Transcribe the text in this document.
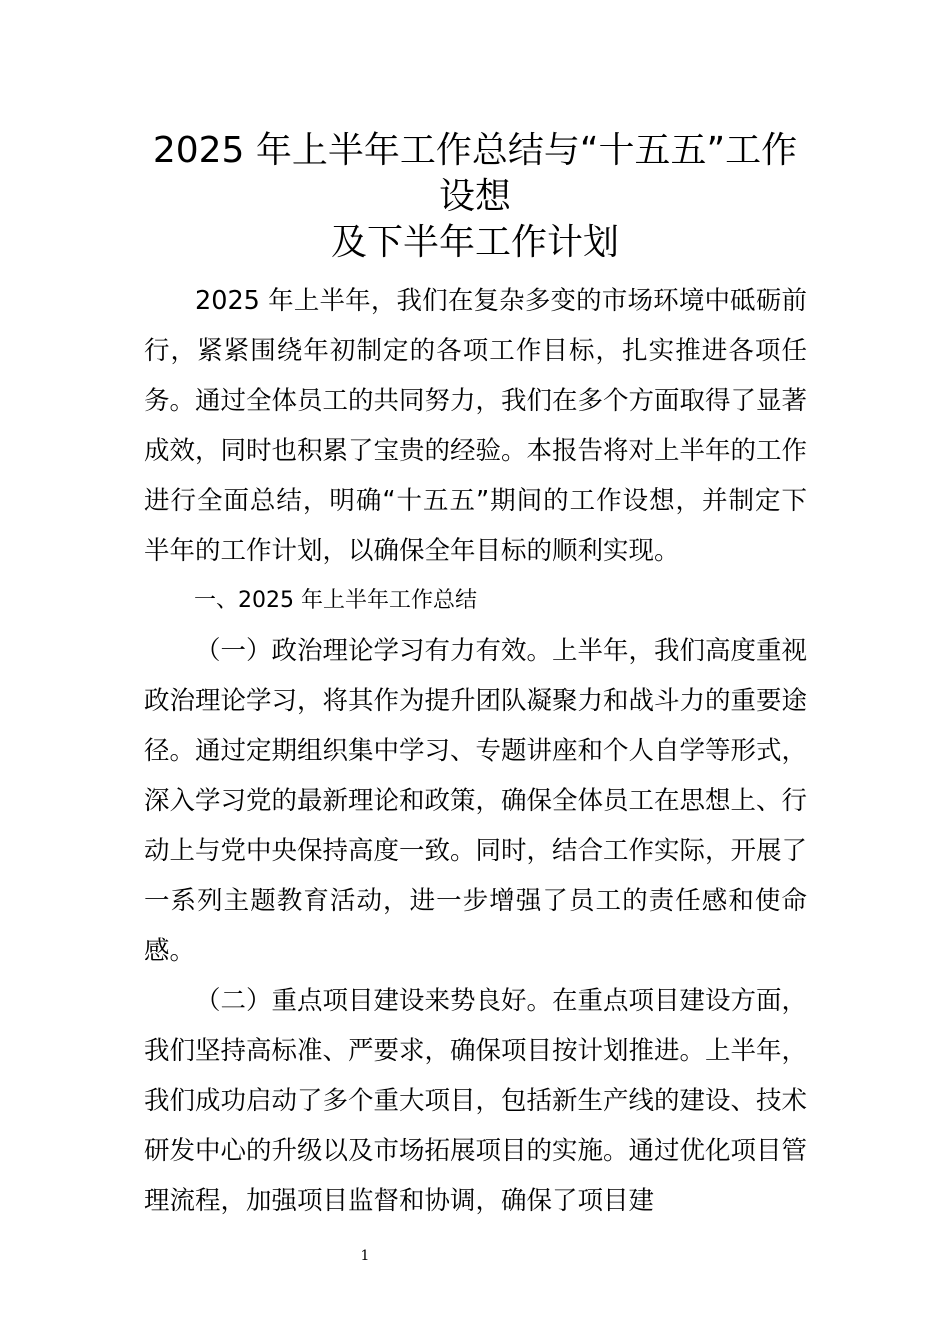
2025 年上半年工作总结与“十五五”工作
设想
及下半年工作计划

2025 年上半年，我们在复杂多变的市场环境中砥砺前行，紧紧围绕年初制定的各项工作目标，扎实推进各项任务。通过全体员工的共同努力，我们在多个方面取得了显著成效，同时也积累了宝贵的经验。本报告将对上半年的工作进行全面总结，明确“十五五”期间的工作设想，并制定下半年的工作计划，以确保全年目标的顺利实现。

一、2025 年上半年工作总结

（一）政治理论学习有力有效。上半年，我们高度重视政治理论学习，将其作为提升团队凝聚力和战斗力的重要途径。通过定期组织集中学习、专题讲座和个人自学等形式，深入学习党的最新理论和政策，确保全体员工在思想上、行动上与党中央保持高度一致。同时，结合工作实际，开展了一系列主题教育活动，进一步增强了员工的责任感和使命感。

（二）重点项目建设来势良好。在重点项目建设方面，我们坚持高标准、严要求，确保项目按计划推进。上半年，我们成功启动了多个重大项目，包括新生产线的建设、技术研发中心的升级以及市场拓展项目的实施。通过优化项目管理流程，加强项目监督和协调，确保了项目建

1
